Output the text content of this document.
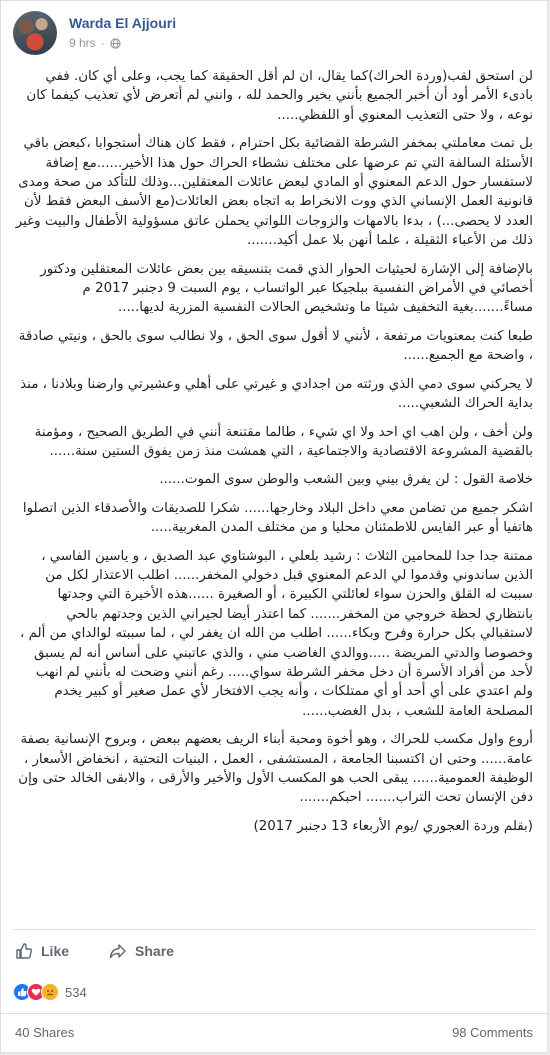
Warda El Ajjouri
9 hrs ·

لن استحق لقب(وردة الحراك)كما يقال، ان لم أقل الحقيقة كما يجب، وعلى أي كان. ففي بادىء الأمر أود أن أخبر الجميع بأنني بخير والحمد لله ، وانني لم أتعرض لأي تعذيب كيفما كان نوعه ، ولا حتى التعذيب المعنوي أو اللفظي.....

بل تمت معاملتي بمخفر الشرطة القضائية بكل احترام ، فقط كان هناك أستجوابا ،كبعض باقي الأسئلة السالفة التي تم عرضها على مختلف نشطاء الحراك حول هذا الأخير......مع إضافة لاستفسار حول الدعم المعنوي أو المادي لبعض عائلات المعتقلين...وذلك للتأكد من صحة ومدى قانونية العمل الإنساني الذي ووت الانخراط به اتجاه بعض العائلات(مع الأسف البعض فقط لأن العدد لا يحصى...) ، بدءا بالامهات والزوجات اللواتي يحملن عاتق مسؤولية الأطفال والبيت وغير ذلك من الأعباء الثقيلة ، علما أنهن بلا عمل أكيد.......

بالإضافة إلى الإشارة لحيثيات الحوار الذي قمت بتنسيقه بين بعض عائلات المعتقلين ودكتور أخصائي في الأمراض النفسية ببلجيكا عبر الواتساب ، يوم السبت 9 دجنبر 2017 م مساءً.......بغية التخفيف شيئا ما وتشخيص الحالات النفسية المزرية لديها.....

طبعا كنت بمعنويات مرتفعة ، لأنني لا أقول سوى الحق ، ولا نطالب سوى بالحق ، ونيتي صادقة ، واضحة مع الجميع......

لا يحركني سوى دمي الذي ورثته من اجدادي و غيرتي على أهلي وعشيرتي وارضنا وبلادنا ، منذ بداية الحراك الشعبي.....

ولن أخف ، ولن اهب اي احد ولا اي شيء ، طالما مقتنعة أنني في الطريق الصحيح ، ومؤمنة بالقضية المشروعة الاقتصادية والاجتماعية ، التي همشت منذ زمن يفوق الستين سنة......

خلاصة القول : لن يفرق بيني وبين الشعب والوطن سوى الموت......

اشكر جميع من تضامن معي داخل البلاد وخارجها...... شكرا للصديقات والأصدقاء الذين اتصلوا هاتفيا أو عبر الفايس للاطمئنان محليا و من مختلف المدن المغربية.....

ممتنة جدا جدا للمحامين الثلاث : رشيد بلعلي ، البوشتاوي عبد الصديق ، و ياسين الفاسي ، الذين ساندوني وقدموا لي الدعم المعنوي قبل دخولي المخفر...... اطلب الاعتذار لكل من سببت له القلق والحزن سواء لعائلتي الكبيرة ، أو الصغيرة ......هذه الأخيرة التي وجدتها بانتظاري لحظة خروجي من المخفر....... كما اعتذر أيضا لجيراني الذين وجدتهم بالحي لاستقبالي بكل حرارة وفرح وبكاء...... اطلب من الله ان يغفر لي ، لما سببته لوالداي من ألم ، وخصوصا والدتي المريضة .....ووالدي الغاضب مني ، والذي عاتبني على أساس أنه لم يسبق لأحد من أفراد الأسرة أن دخل مخفر الشرطة سواي..... رغم أنني وضحت له بأنني لم انهب ولم اعتدي على أي أحد أو أي ممتلكات ، وأنه يجب الافتخار لأي عمل صغير أو كبير يخدم المصلحة العامة للشعب ، بدل الغضب......

أروع واول مكسب للحراك ، وهو أخوة ومحبة أبناء الريف بعضهم ببعض ، وبروح الإنسانية بصفة عامة...... وحتى ان اكتسبنا الجامعة ، المستشفى ، العمل ، البنيات التحتية ، انخفاض الأسعار ، الوظيفة العمومية...... يبقى الحب هو المكسب الأول والأخير والأرقى ، والابقى الخالد حتى وإن دفن الإنسان تحت التراب....... احبكم.......

(بقلم وردة العجوري /يوم الأربعاء 13 دجنبر 2017)

Like	Share
534
40 Shares	98 Comments
